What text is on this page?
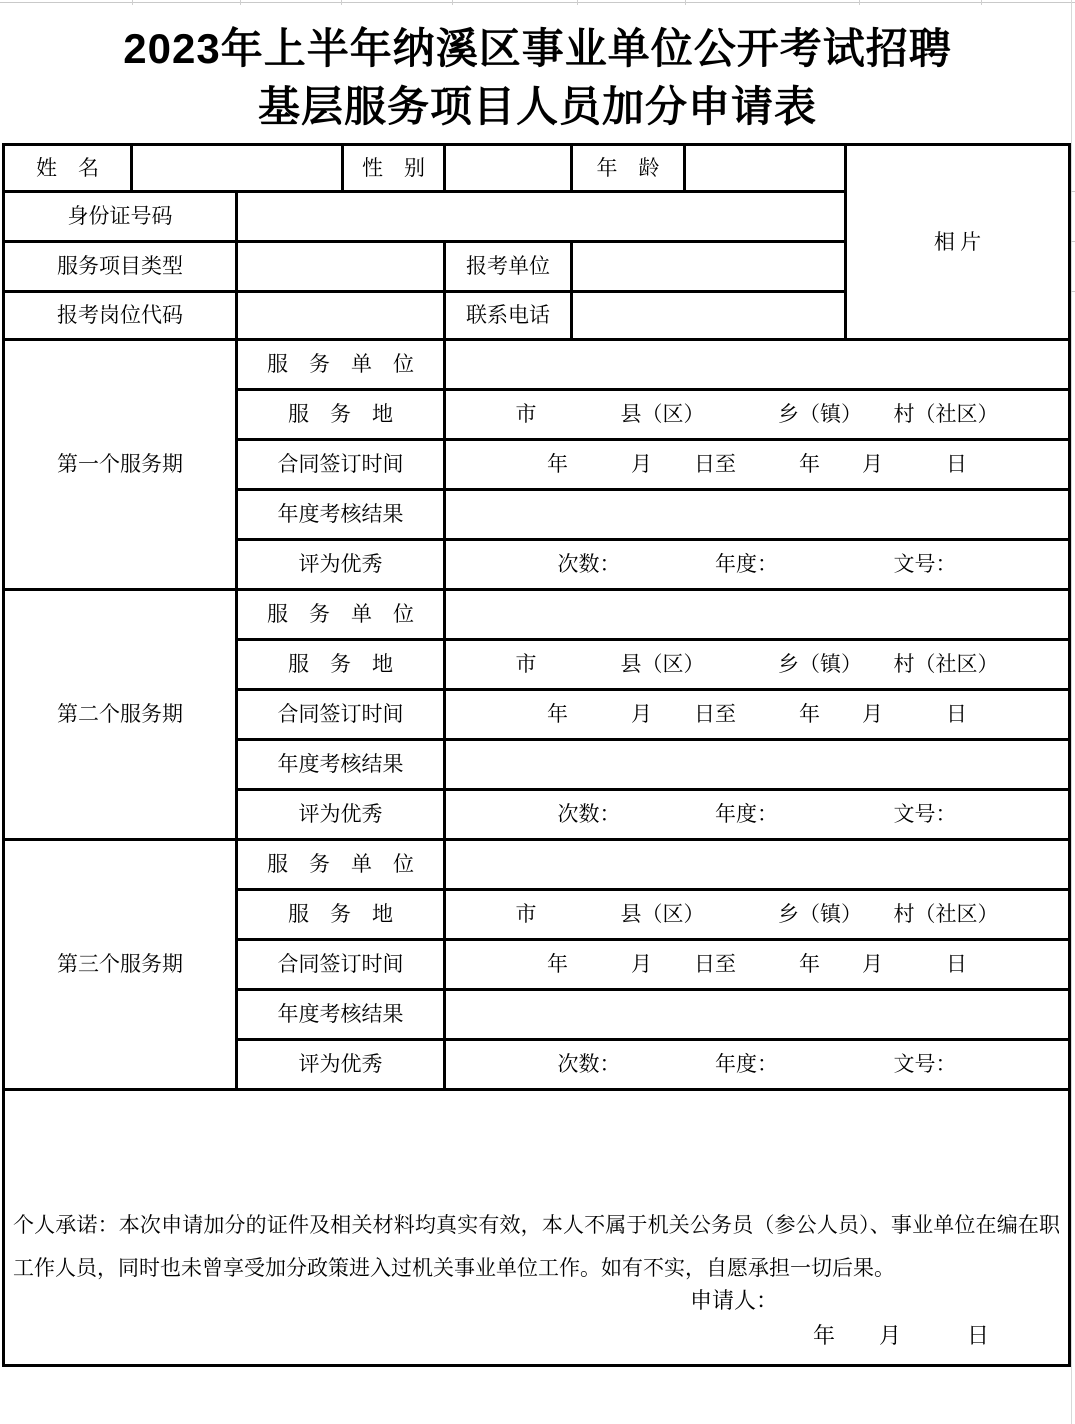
2023年上半年纳溪区事业单位公开考试招聘
基层服务项目人员加分申请表
姓　名			性　别		年　龄		相 片
身份证号码							
服务项目类型				报考单位			
报考岗位代码				联系电话			
第一个服务期		服　务　单　位					
		服　务　地		市　　　　县（区）　　　　乡（镇）　　村（社区）			
		合同签订时间		年　　　月　　日至　　　年　　月　　　日			
		年度考核结果					
		评为优秀		次数：　　　　　年度：　　　　　　文号：			
第二个服务期		服　务　单　位					
		服　务　地		市　　　　县（区）　　　　乡（镇）　　村（社区）			
		合同签订时间		年　　　月　　日至　　　年　　月　　　日			
		年度考核结果					
		评为优秀		次数：　　　　　年度：　　　　　　文号：			
第三个服务期		服　务　单　位					
		服　务　地		市　　　　县（区）　　　　乡（镇）　　村（社区）			
		合同签订时间		年　　　月　　日至　　　年　　月　　　日			
		年度考核结果					
		评为优秀		次数：　　　　　年度：　　　　　　文号：			

个人承诺：本次申请加分的证件及相关材料均真实有效，本人不属于机关公务员（参公人员）、事业单位在编在职工作人员，同时也未曾享受加分政策进入过机关事业单位工作。如有不实，自愿承担一切后果。
申请人：
年　　月　　　日							
